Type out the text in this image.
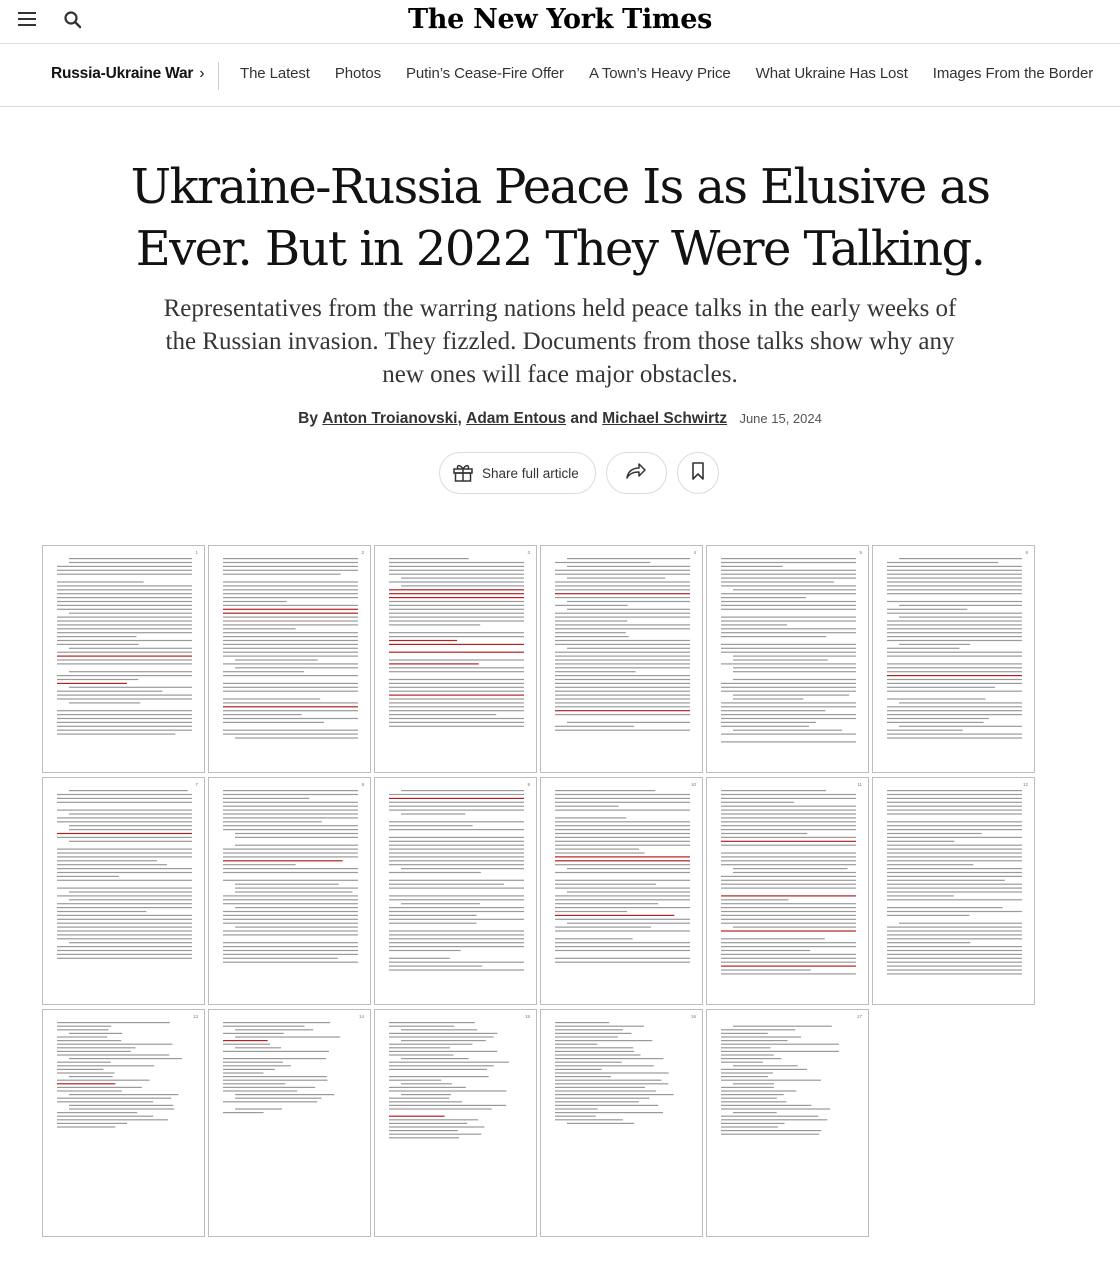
The New York Times
Russia-Ukraine War › The Latest Photos Putin’s Cease-Fire Offer A Town’s Heavy Price What Ukraine Has Lost Images From the Border
Ukraine-Russia Peace Is as Elusive as Ever. But in 2022 They Were Talking.

Representatives from the warring nations held peace talks in the early weeks of the Russian invasion. They fizzled. Documents from those talks show why any new ones will face major obstacles.

By Anton Troianovski, Adam Entous and Michael Schwirtz June 15, 2024
Share full article
1	2	3	4	5	6
7	8	9	10	11	12
13	14	15	16	17
